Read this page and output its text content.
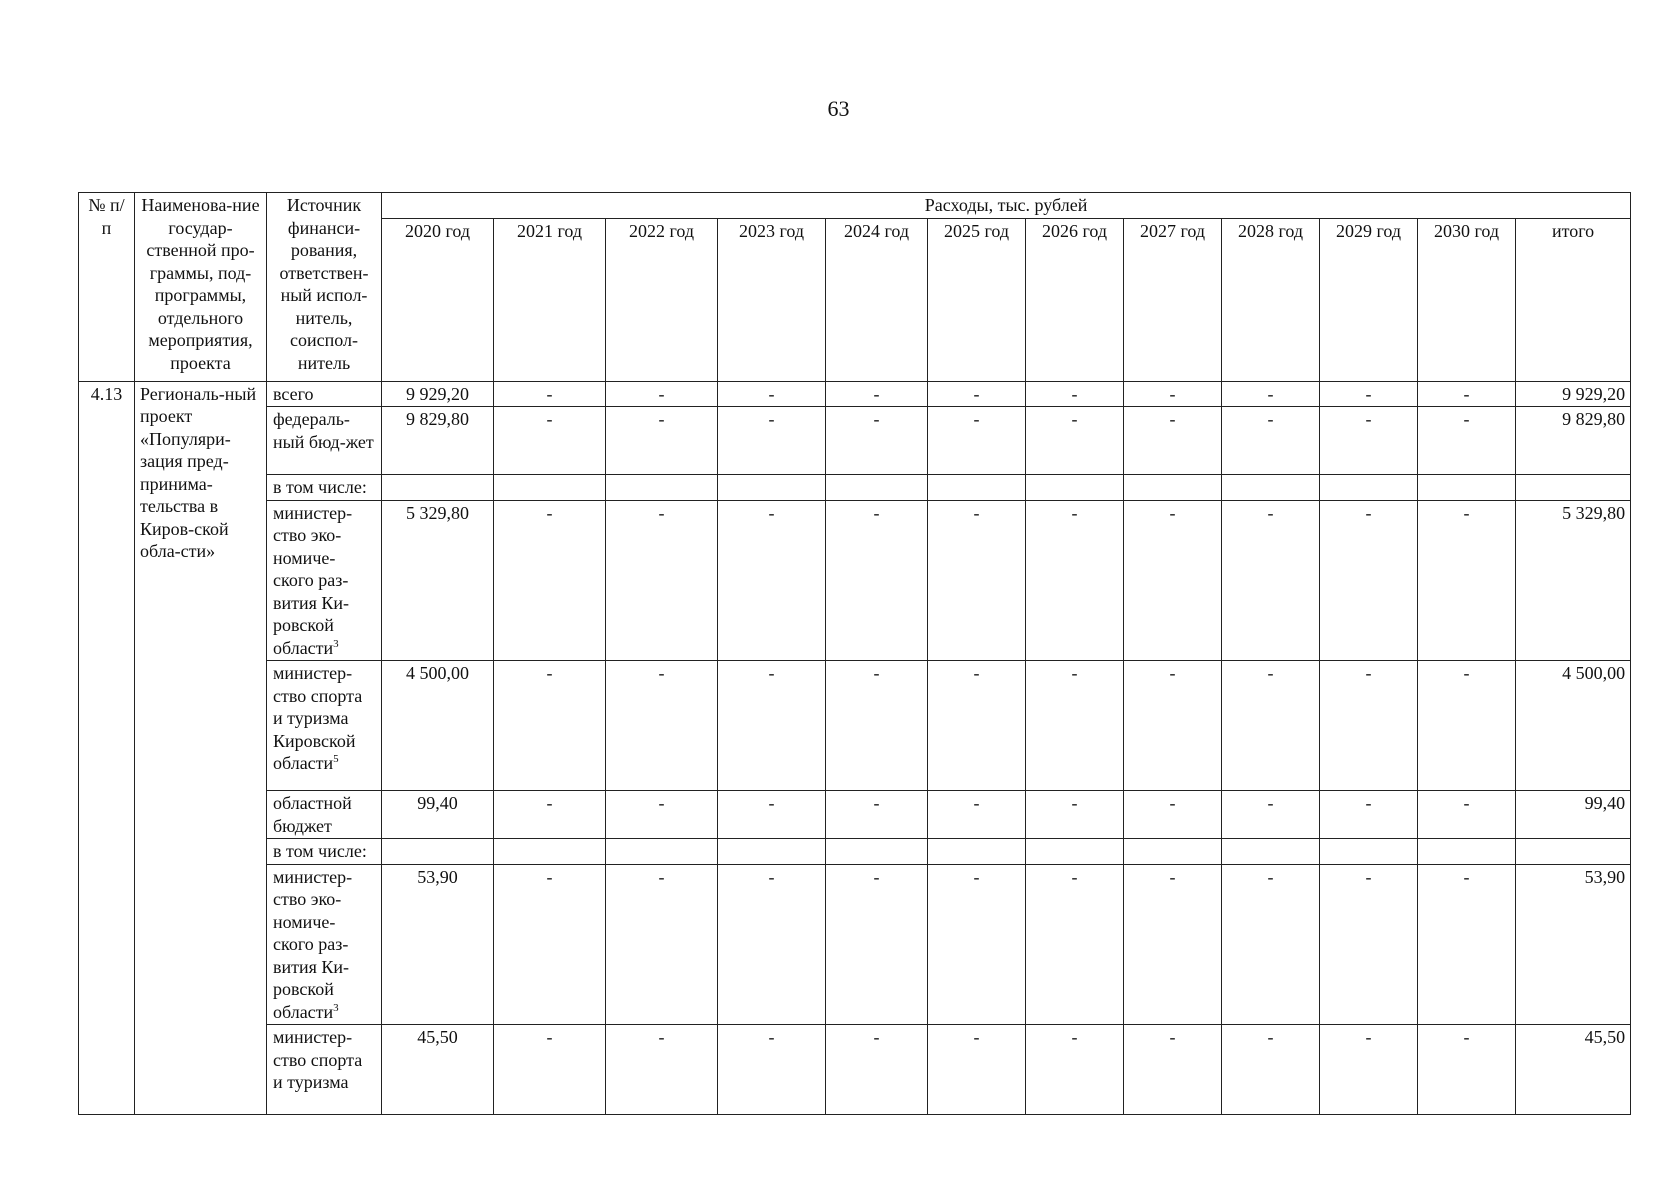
63
№ п/п	Наименова-ние государ-ственной про-граммы, под-программы, отдельного мероприятия, проекта	Источник финанси-рования, ответствен-ный испол-нитель, соиспол-нитель	Расходы, тыс. рублей											
			2020 год	2021 год	2022 год	2023 год	2024 год	2025 год	2026 год	2027 год	2028 год	2029 год	2030 год	итого
4.13	Региональ-ный проект «Популяри-зация пред-принима-тельства в Киров-ской обла-сти»	всего	9 929,20	-	-	-	-	-	-	-	-	-	-	9 929,20
		федераль-ный бюд-жет	9 829,80	-	-	-	-	-	-	-	-	-	-	9 829,80
		в том числе:												
		министер-ство эко-номиче-ского раз-вития Ки-ровской области$^3$	5 329,80	-	-	-	-	-	-	-	-	-	-	5 329,80
		министер-ство спорта и туризма Кировской области$^5$	4 500,00	-	-	-	-	-	-	-	-	-	-	4 500,00
		областной бюджет	99,40	-	-	-	-	-	-	-	-	-	-	99,40
		в том числе:												
		министер-ство эко-номиче-ского раз-вития Ки-ровской области$^3$	53,90	-	-	-	-	-	-	-	-	-	-	53,90
		министер-ство спорта и туризма	45,50	-	-	-	-	-	-	-	-	-	-	45,50
